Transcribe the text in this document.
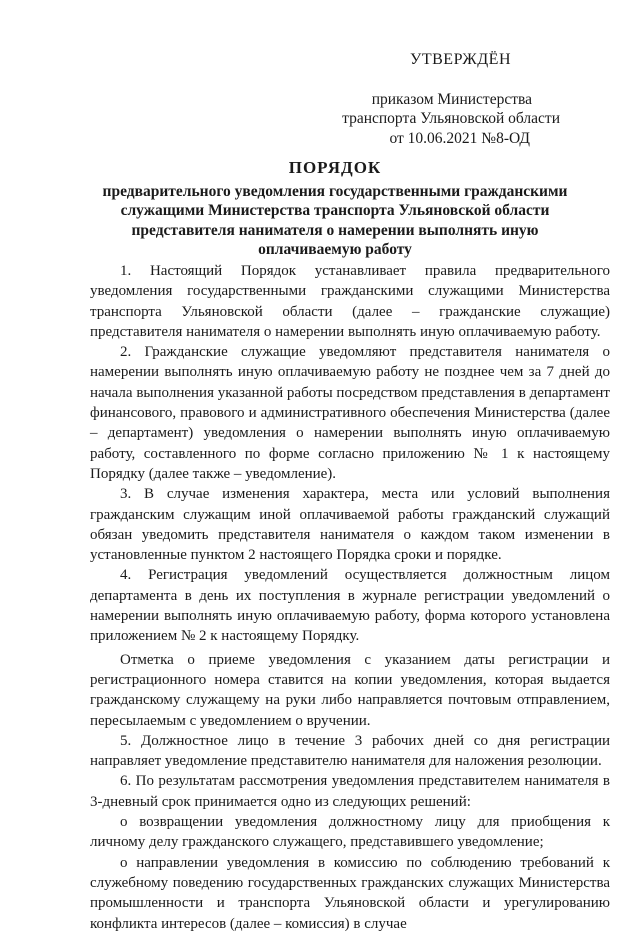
УТВЕРЖДЁН
приказом Министерства
транспорта Ульяновской области
от 10.06.2021 №8-ОД
ПОРЯДОК
предварительного уведомления государственными гражданскими
служащими Министерства транспорта Ульяновской области
представителя нанимателя о намерении выполнять иную
оплачиваемую работу

1. Настоящий Порядок устанавливает правила предварительного уведомления государственными гражданскими служащими Министерства транспорта Ульяновской области (далее – гражданские служащие) представителя нанимателя о намерении выполнять иную оплачиваемую работу.

2. Гражданские служащие уведомляют представителя нанимателя о намерении выполнять иную оплачиваемую работу не позднее чем за 7 дней до начала выполнения указанной работы посредством представления в департамент финансового, правового и административного обеспечения Министерства (далее – департамент) уведомления о намерении выполнять иную оплачиваемую работу, составленного по форме согласно приложению № 1 к настоящему Порядку (далее также – уведомление).

3. В случае изменения характера, места или условий выполнения гражданским служащим иной оплачиваемой работы гражданский служащий обязан уведомить представителя нанимателя о каждом таком изменении в установленные пунктом 2 настоящего Порядка сроки и порядке.

4. Регистрация уведомлений осуществляется должностным лицом департамента в день их поступления в журнале регистрации уведомлений о намерении выполнять иную оплачиваемую работу, форма которого установлена приложением № 2 к настоящему Порядку.

Отметка о приеме уведомления с указанием даты регистрации и регистрационного номера ставится на копии уведомления, которая выдается гражданскому служащему на руки либо направляется почтовым отправлением, пересылаемым с уведомлением о вручении.

5. Должностное лицо в течение 3 рабочих дней со дня регистрации направляет уведомление представителю нанимателя для наложения резолюции.

6. По результатам рассмотрения уведомления представителем нанимателя в 3-дневный срок принимается одно из следующих решений:

о возвращении уведомления должностному лицу для приобщения к личному делу гражданского служащего, представившего уведомление;

о направлении уведомления в комиссию по соблюдению требований к служебному поведению государственных гражданских служащих Министерства промышленности и транспорта Ульяновской области и урегулированию конфликта интересов (далее – комиссия) в случае
